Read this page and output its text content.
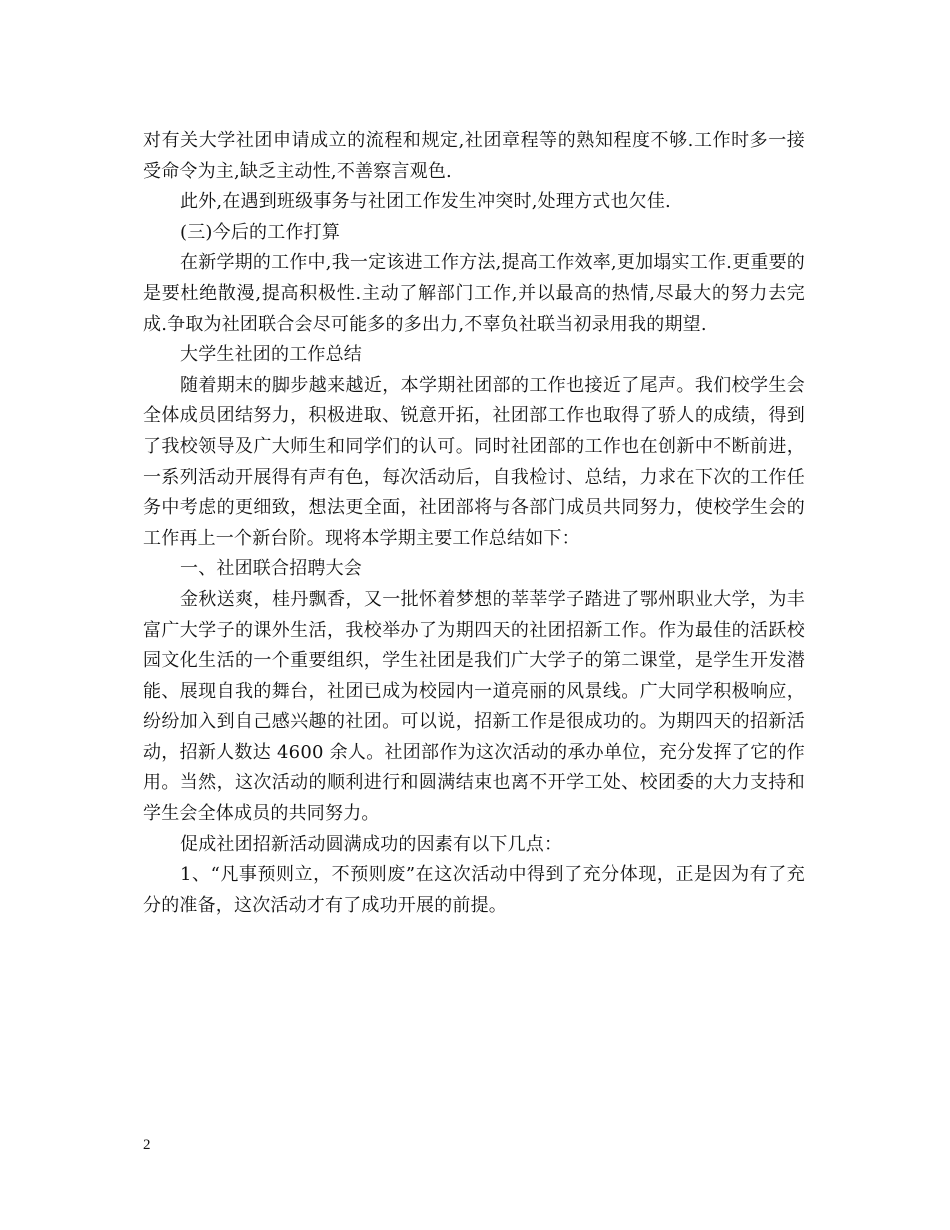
对有关大学社团申请成立的流程和规定,社团章程等的熟知程度不够.工作时多一接受命令为主,缺乏主动性,不善察言观色.

此外,在遇到班级事务与社团工作发生冲突时,处理方式也欠佳.

(三)今后的工作打算

在新学期的工作中,我一定该进工作方法,提高工作效率,更加塌实工作.更重要的是要杜绝散漫,提高积极性.主动了解部门工作,并以最高的热情,尽最大的努力去完成.争取为社团联合会尽可能多的多出力,不辜负社联当初录用我的期望.

大学生社团的工作总结

随着期末的脚步越来越近，本学期社团部的工作也接近了尾声。我们校学生会全体成员团结努力，积极进取、锐意开拓，社团部工作也取得了骄人的成绩，得到了我校领导及广大师生和同学们的认可。同时社团部的工作也在创新中不断前进，一系列活动开展得有声有色，每次活动后，自我检讨、总结，力求在下次的工作任务中考虑的更细致，想法更全面，社团部将与各部门成员共同努力，使校学生会的工作再上一个新台阶。现将本学期主要工作总结如下：

一、社团联合招聘大会

金秋送爽，桂丹飘香，又一批怀着梦想的莘莘学子踏进了鄂州职业大学，为丰富广大学子的课外生活，我校举办了为期四天的社团招新工作。作为最佳的活跃校园文化生活的一个重要组织，学生社团是我们广大学子的第二课堂，是学生开发潜能、展现自我的舞台，社团已成为校园内一道亮丽的风景线。广大同学积极响应，纷纷加入到自己感兴趣的社团。可以说，招新工作是很成功的。为期四天的招新活动，招新人数达 4600 余人。社团部作为这次活动的承办单位，充分发挥了它的作用。当然，这次活动的顺利进行和圆满结束也离不开学工处、校团委的大力支持和学生会全体成员的共同努力。

促成社团招新活动圆满成功的因素有以下几点：

1、“凡事预则立，不预则废”在这次活动中得到了充分体现，正是因为有了充分的准备，这次活动才有了成功开展的前提。

2
